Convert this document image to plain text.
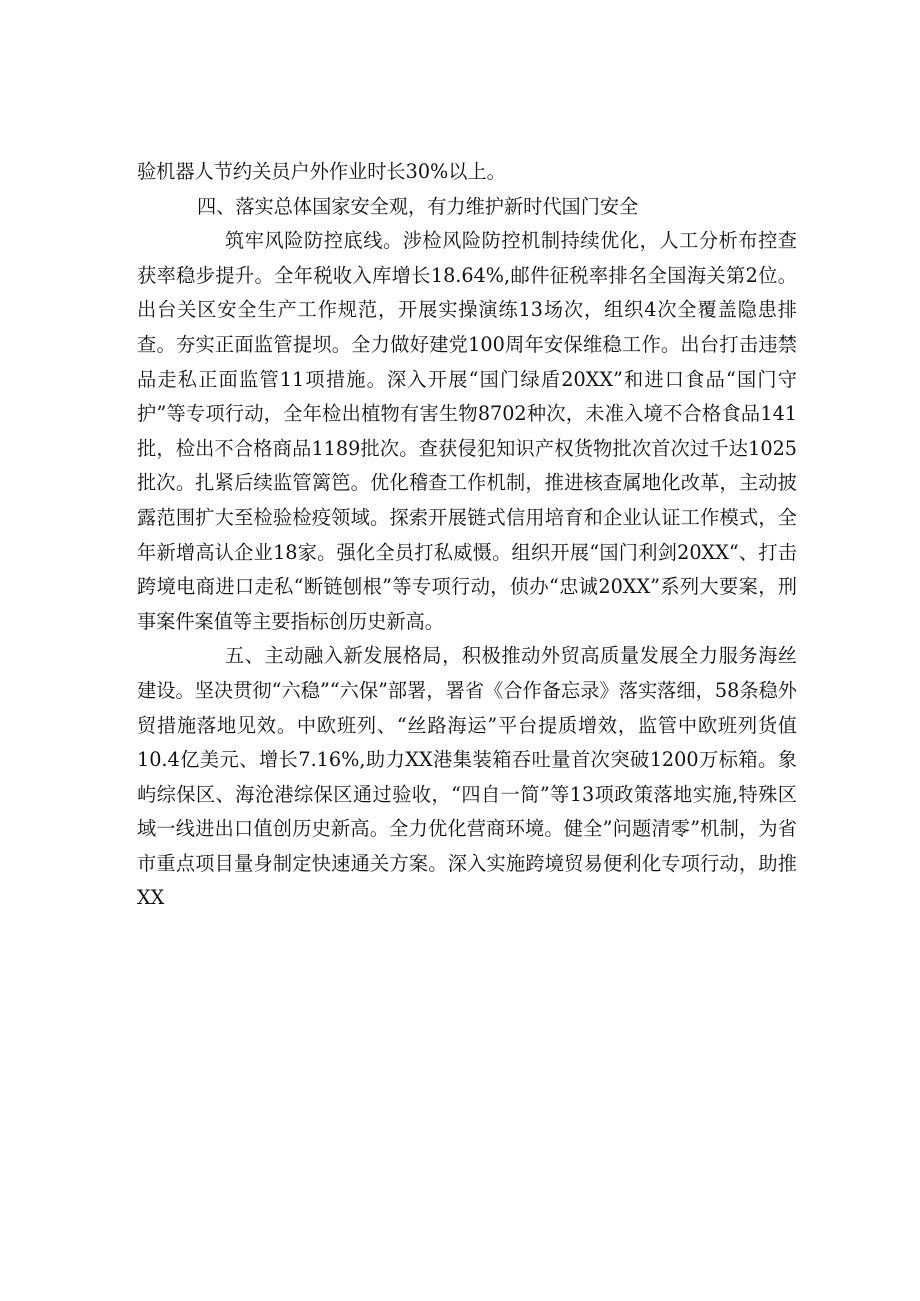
验机器人节约关员户外作业时长30%以上。

四、落实总体国家安全观，有力维护新时代国门安全

筑牢风险防控底线。涉检风险防控机制持续优化，人工分析布控查获率稳步提升。全年税收入库增长18.64%,邮件征税率排名全国海关第2位。出台关区安全生产工作规范，开展实操演练13场次，组织4次全覆盖隐患排查。夯实正面监管提坝。全力做好建党100周年安保维稳工作。出台打击违禁品走私正面监管11项措施。深入开展“国门绿盾20XX”和进口食品“国门守护”等专项行动，全年检出植物有害生物8702种次，未准入境不合格食品141批，检出不合格商品1189批次。查获侵犯知识产权货物批次首次过千达1025批次。扎紧后续监管篱笆。优化稽查工作机制，推进核查属地化改革，主动披露范围扩大至检验检疫领域。探索开展链式信用培育和企业认证工作模式，全年新增高认企业18家。强化全员打私威慑。组织开展“国门利剑20XX“、打击跨境电商进口走私“断链刨根”等专项行动，侦办“忠诚20XX”系列大要案，刑事案件案值等主要指标创历史新高。

五、主动融入新发展格局，积极推动外贸高质量发展全力服务海丝建设。坚决贯彻“六稳”“六保”部署，署省《合作备忘录》落实落细，58条稳外贸措施落地见效。中欧班列、“丝路海运”平台提质增效，监管中欧班列货值10.4亿美元、增长7.16%,助力XX港集装箱吞吐量首次突破1200万标箱。象屿综保区、海沧港综保区通过验收，“四自一简”等13项政策落地实施,特殊区域一线进出口值创历史新高。全力优化营商环境。健全”问题清零”机制，为省市重点项目量身制定快速通关方案。深入实施跨境贸易便利化专项行动，助推XX
